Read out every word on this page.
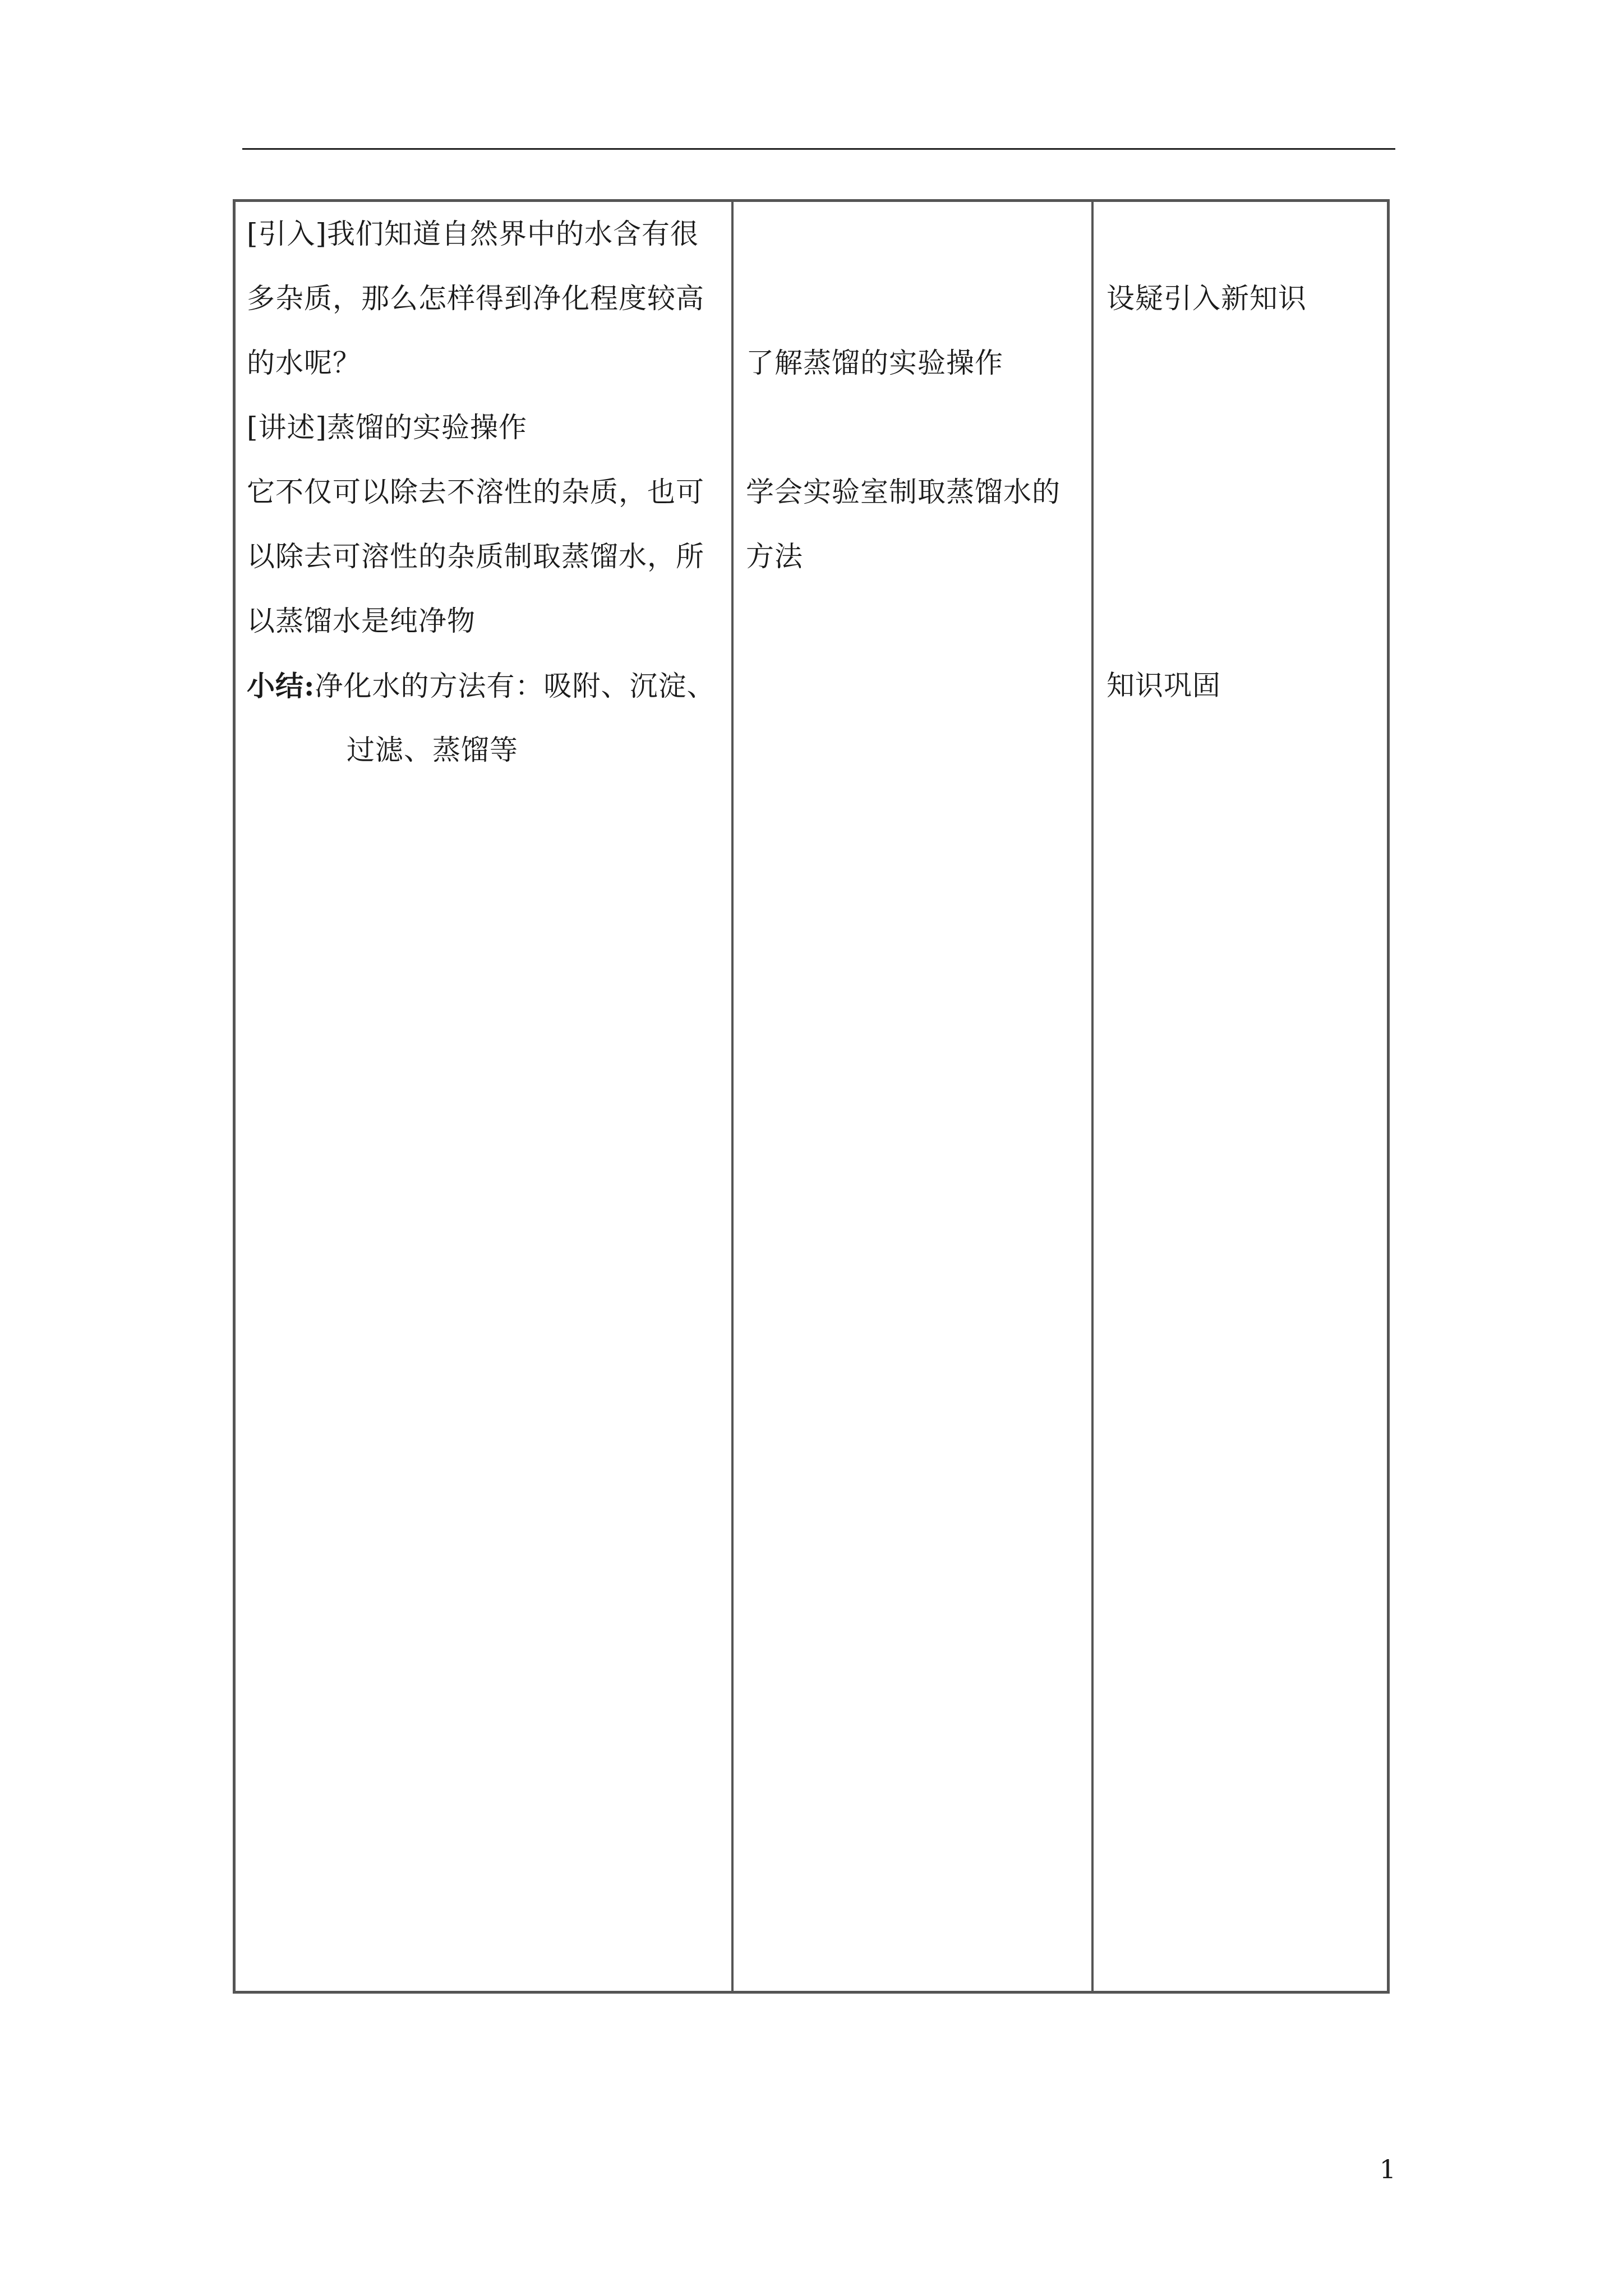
[引入]我们知道自然界中的水含有很
多杂质，那么怎样得到净化程度较高
的水呢？
[讲述]蒸馏的实验操作
它不仅可以除去不溶性的杂质，也可
以除去可溶性的杂质制取蒸馏水，所
以蒸馏水是纯净物
小结:净化水的方法有：吸附、沉淀、
过滤、蒸馏等
了解蒸馏的实验操作
学会实验室制取蒸馏水的
方法
设疑引入新知识
知识巩固
1
